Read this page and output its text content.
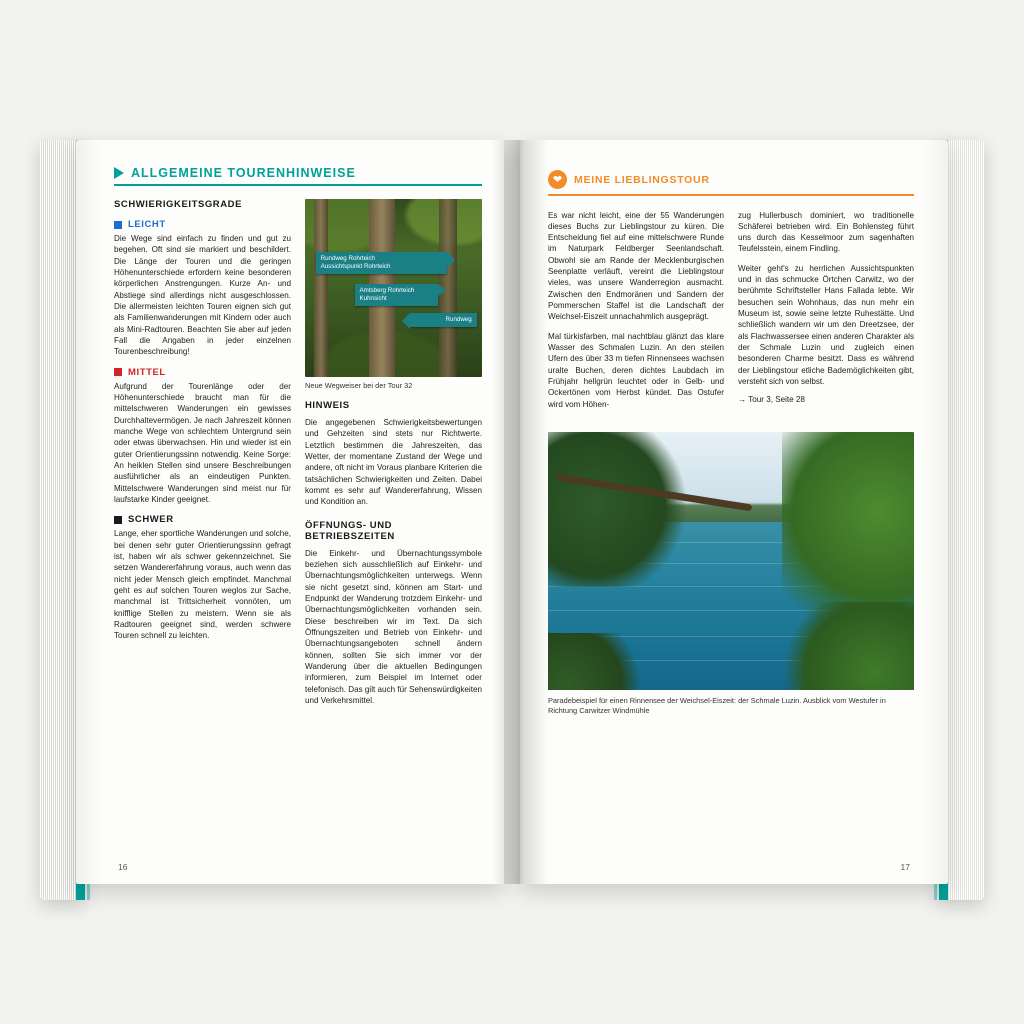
ALLGEMEINE TOURENHINWEISE
SCHWIERIGKEITSGRADE
LEICHT

Die Wege sind einfach zu finden und gut zu begehen. Oft sind sie markiert und beschildert. Die Länge der Touren und die geringen Höhenunterschiede erfordern keine besonderen körperlichen Anstrengungen. Kurze An- und Abstiege sind allerdings nicht ausgeschlossen. Die allermeisten leichten Touren eignen sich gut als Familienwanderungen mit Kindern oder auch als Mini-Radtouren. Beachten Sie aber auf jeden Fall die Angaben in jeder einzelnen Tourenbeschreibung!

MITTEL

Aufgrund der Tourenlänge oder der Höhenunterschiede braucht man für die mittelschweren Wanderungen ein gewisses Durchhaltevermögen. Je nach Jahreszeit können manche Wege von schlechtem Untergrund sein oder etwas überwachsen. Hin und wieder ist ein guter Orientierungssinn notwendig. Keine Sorge: An heiklen Stellen sind unsere Beschreibungen ausführlicher als an eindeutigen Punkten. Mittelschwere Wanderungen sind meist nur für laufstarke Kinder geeignet.

SCHWER

Lange, eher sportliche Wanderungen und solche, bei denen sehr guter Orientierungssinn gefragt ist, haben wir als schwer gekennzeichnet. Sie setzen Wandererfahrung voraus, auch wenn das nicht jeder Mensch gleich empfindet. Manchmal geht es auf solchen Touren weglos zur Sache, manchmal ist Trittsicherheit vonnöten, um knifflige Stellen zu meistern. Wenn sie als Radtouren geeignet sind, werden schwere Touren schnell zu leichten.

Rundweg Rohrteich
Aussichtspunkt Rohrteich
Amtsberg Rohrteich
Kuhnsicht
Rundweg
Neue Wegweiser bei der Tour 32
HINWEIS

Die angegebenen Schwierigkeitsbewertungen und Gehzeiten sind stets nur Richtwerte. Letztlich bestimmen die Jahreszeiten, das Wetter, der momentane Zustand der Wege und andere, oft nicht im Voraus planbare Kriterien die tatsächlichen Schwierigkeiten und Zeiten. Dabei kommt es sehr auf Wandererfahrung, Wissen und Kondition an.

ÖFFNUNGS- UND BETRIEBSZEITEN

Die Einkehr- und Übernachtungssymbole beziehen sich ausschließlich auf Einkehr- und Übernachtungsmöglichkeiten unterwegs. Wenn sie nicht gesetzt sind, können am Start- und Endpunkt der Wanderung trotzdem Einkehr- und Übernachtungsmöglichkeiten vorhanden sein. Diese beschreiben wir im Text. Da sich Öffnungszeiten und Betrieb von Einkehr- und Übernachtungsangeboten schnell ändern können, sollten Sie sich immer vor der Wanderung über die aktuellen Bedingungen informieren, zum Beispiel im Internet oder telefonisch. Das gilt auch für Sehenswürdigkeiten und Verkehrsmittel.

16
❤	MEINE LIEBLINGSTOUR

Es war nicht leicht, eine der 55 Wanderungen dieses Buchs zur Lieblingstour zu küren. Die Entscheidung fiel auf eine mittelschwere Runde im Naturpark Feldberger Seenlandschaft. Obwohl sie am Rande der Mecklenburgischen Seenplatte verläuft, vereint die Lieblingstour vieles, was unsere Wanderregion ausmacht. Zwischen den Endmoränen und Sandern der Pommerschen Staffel ist die Landschaft der Weichsel-Eiszeit unnachahmlich ausgeprägt.

Mal türkisfarben, mal nachtblau glänzt das klare Wasser des Schmalen Luzin. An den steilen Ufern des über 33 m tiefen Rinnensees wachsen uralte Buchen, deren dichtes Laubdach im Frühjahr hellgrün leuchtet oder in Gelb- und Ockertönen vom Herbst kündet. Das Ostufer wird vom Höhen-

zug Hullerbusch dominiert, wo traditionelle Schäferei betrieben wird. Ein Bohlensteg führt uns durch das Kesselmoor zum sagenhaften Teufelsstein, einem Findling.

Weiter geht's zu herrlichen Aussichtspunkten und in das schmucke Örtchen Carwitz, wo der berühmte Schriftsteller Hans Fallada lebte. Wir besuchen sein Wohnhaus, das nun mehr ein Museum ist, sowie seine letzte Ruhestätte. Und schließlich wandern wir um den Dreetzsee, der als Flachwassersee einen anderen Charakter als der Schmale Luzin und zugleich einen besonderen Charme besitzt. Dass es während der Lieblingstour etliche Bademöglichkeiten gibt, versteht sich von selbst.

→ Tour 3, Seite 28

Paradebeispiel für einen Rinnensee der Weichsel-Eiszeit: der Schmale Luzin. Ausblick vom Westufer in Richtung Carwitzer Windmühle
17
